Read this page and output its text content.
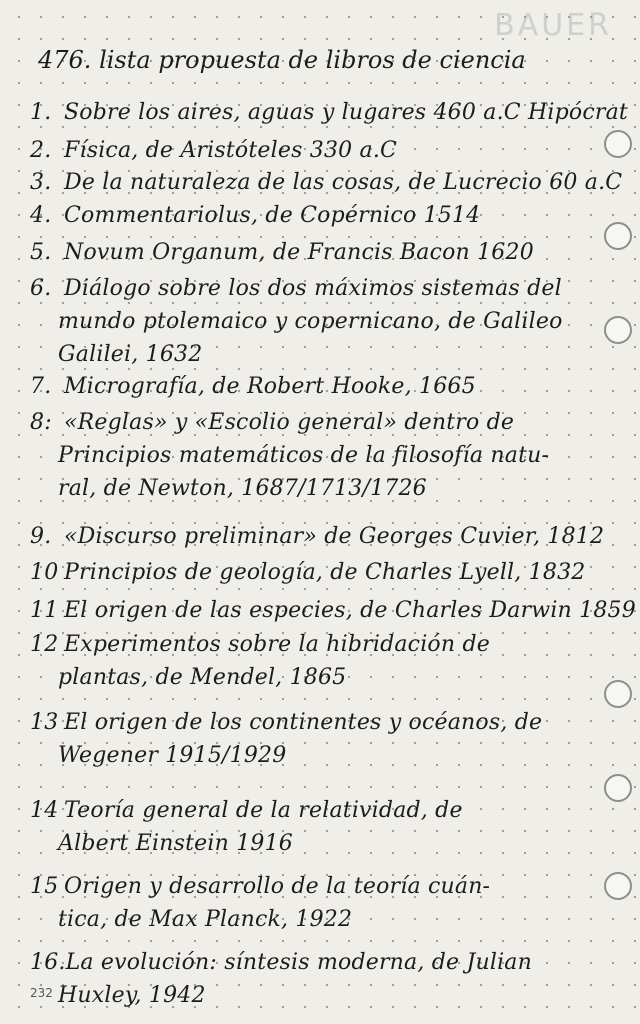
BAUER
476. lista propuesta de libros de ciencia
1. Sobre los aires, aguas y lugares 460 a.C Hipócrat
2. Física, de Aristóteles 330 a.C
3. De la naturaleza de las cosas, de Lucrecio 60 a.C
4. Commentariolus, de Copérnico 1514
5. Novum Organum, de Francis Bacon 1620
6. Diálogo sobre los dos máximos sistemas del
mundo ptolemaico y copernicano, de Galileo
Galilei, 1632
7. Micrografía, de Robert Hooke, 1665
8: «Reglas» y «Escolio general» dentro de
Principios matemáticos de la filosofía natu-
ral, de Newton, 1687/1713/1726
9. «Discurso preliminar» de Georges Cuvier, 1812
10 Principios de geología, de Charles Lyell, 1832
11 El origen de las especies, de Charles Darwin 1859
12 Experimentos sobre la hibridación de
plantas, de Mendel, 1865
13 El origen de los continentes y océanos, de
Wegener 1915/1929
14 Teoría general de la relatividad, de
Albert Einstein 1916
15 Origen y desarrollo de la teoría cuán-
tica, de Max Planck, 1922
16.La evolución: síntesis moderna, de Julian
Huxley, 1942
232
